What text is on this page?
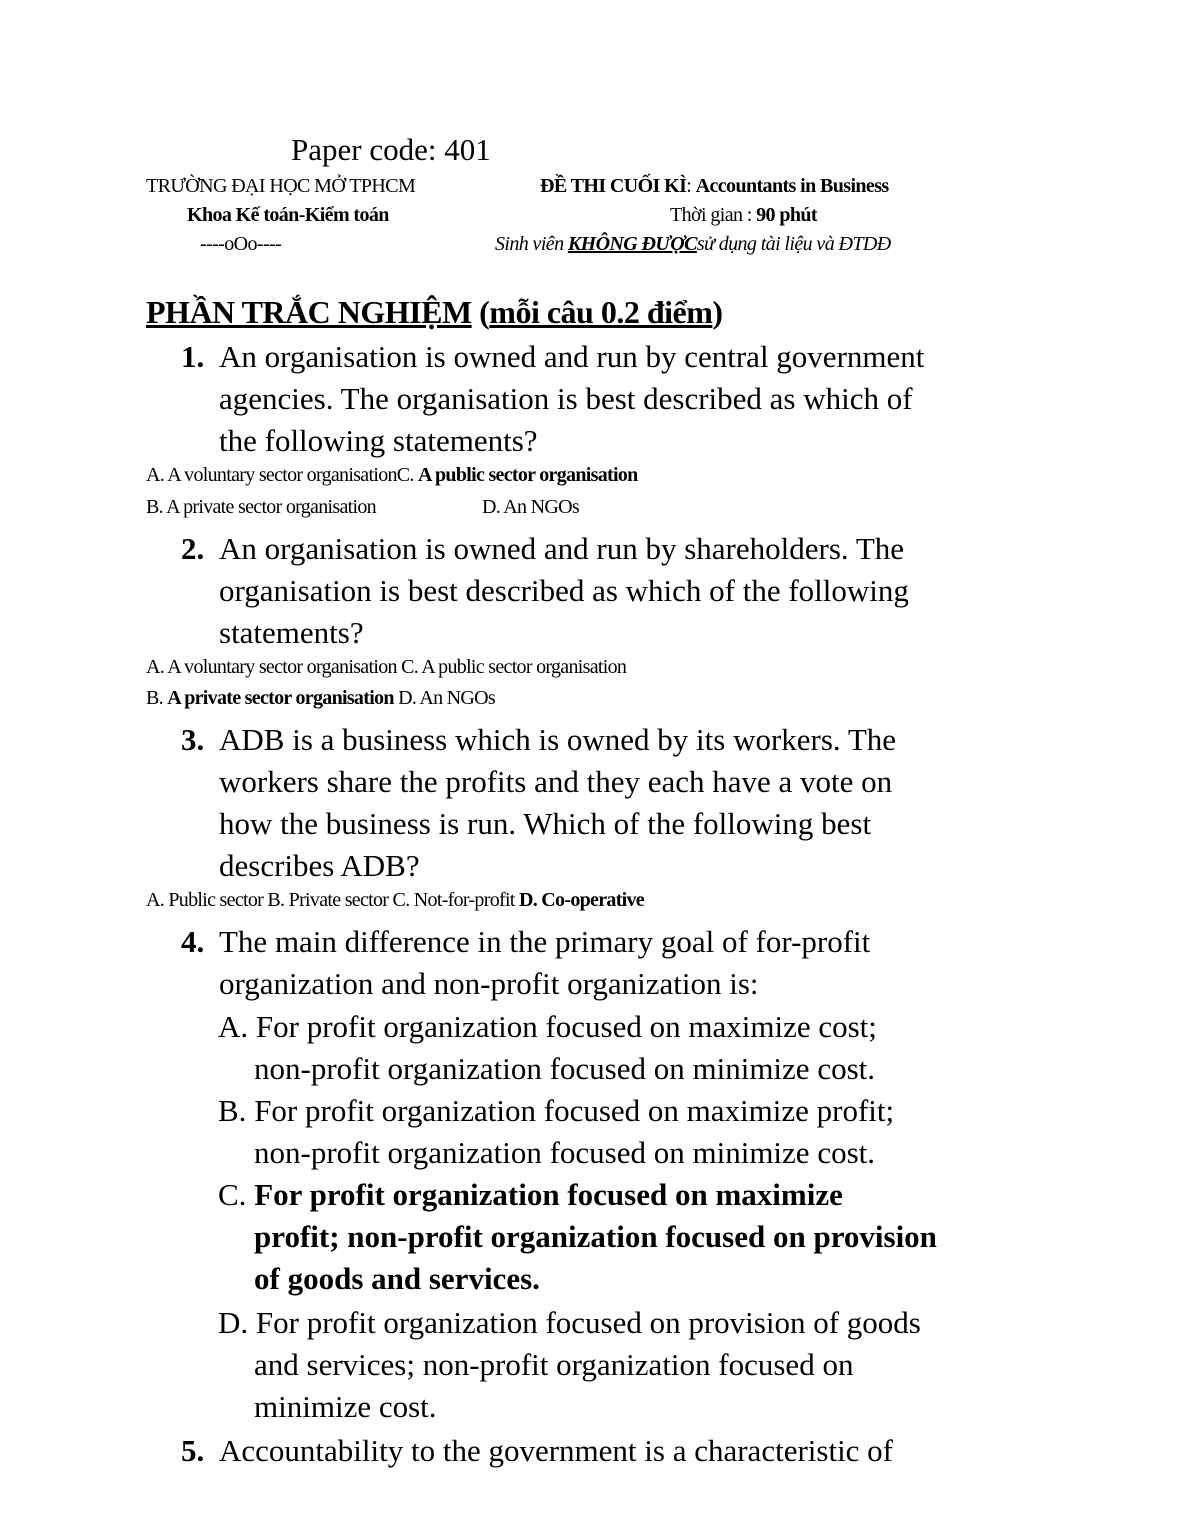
Paper code: 401
TRƯỜNG ĐẠI HỌC MỞ TPHCM	ĐỀ THI CUỐI KÌ: Accountants in Business
Khoa Kế toán-Kiểm toán	Thời gian : 90 phút
----oOo----	Sinh viên KHÔNG ĐƯỢCsử dụng tài liệu và ĐTDĐ
PHẦN TRẮC NGHIỆM (mỗi câu 0.2 điểm)
1. An organisation is owned and run by central government
agencies. The organisation is best described as which of
the following statements?
A. A voluntary sector organisationC. A public sector organisation
B. A private sector organisation	D. An NGOs
2. An organisation is owned and run by shareholders. The
organisation is best described as which of the following
statements?
A. A voluntary sector organisation C. A public sector organisation
B. A private sector organisation D. An NGOs
3. ADB is a business which is owned by its workers. The
workers share the profits and they each have a vote on
how the business is run. Which of the following best
describes ADB?
A. Public sector B. Private sector C. Not-for-profit D. Co-operative
4. The main difference in the primary goal of for-profit
organization and non-profit organization is:
A. For profit organization focused on maximize cost;
non-profit organization focused on minimize cost.
B. For profit organization focused on maximize profit;
non-profit organization focused on minimize cost.
C. For profit organization focused on maximize
profit; non-profit organization focused on provision
of goods and services.
D. For profit organization focused on provision of goods
and services; non-profit organization focused on
minimize cost.
5. Accountability to the government is a characteristic of
